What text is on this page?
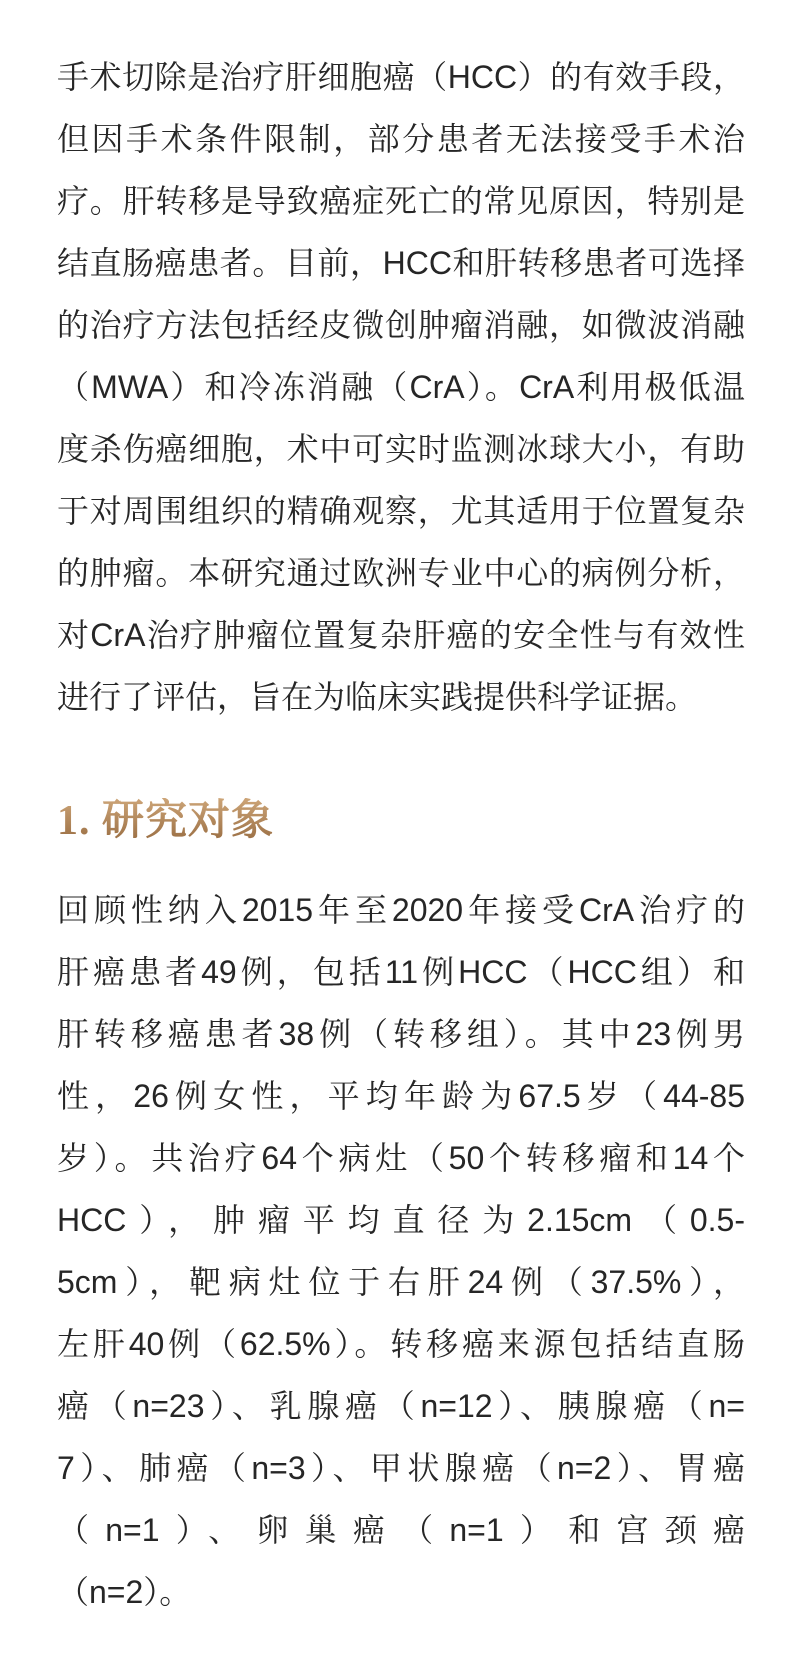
手术切除是治疗肝细胞癌（HCC）的有效手段，
但因手术条件限制，部分患者无法接受手术治
疗。肝转移是导致癌症死亡的常见原因，特别是
结直肠癌患者。目前，HCC和肝转移患者可选择
的治疗方法包括经皮微创肿瘤消融，如微波消融
（MWA）和冷冻消融（CrA）。CrA利用极低温
度杀伤癌细胞，术中可实时监测冰球大小，有助
于对周围组织的精确观察，尤其适用于位置复杂
的肿瘤。本研究通过欧洲专业中心的病例分析，
对CrA治疗肿瘤位置复杂肝癌的安全性与有效性
进行了评估，旨在为临床实践提供科学证据。
1. 研究对象
回顾性纳入2015年至2020年接受CrA治疗的
肝癌患者49例，包括11例HCC（HCC组）和
肝转移癌患者38例（转移组）。其中23例男
性，26例女性，平均年龄为67.5岁（44-85
岁）。共治疗64个病灶（50个转移瘤和14个
HCC），肿瘤平均直径为2.15cm（0.5-
5cm），靶病灶位于右肝24例（37.5%），
左肝40例（62.5%）。转移癌来源包括结直肠
癌（n=23）、乳腺癌（n=12）、胰腺癌（n=
7）、肺癌（n=3）、甲状腺癌（n=2）、胃癌
（n=1）、卵巢癌（n=1）和宫颈癌
（n=2）。
